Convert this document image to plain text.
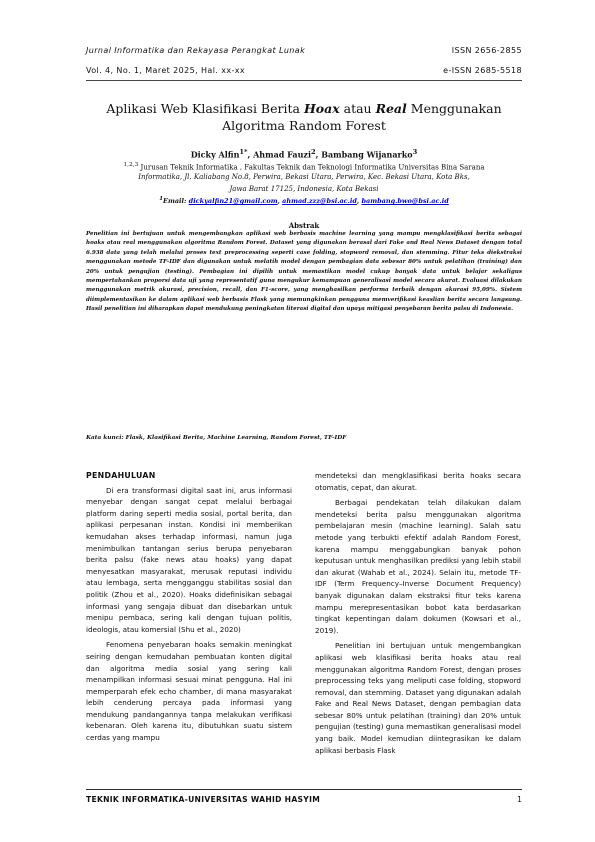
Jurnal Informatika dan Rekayasa Perangkat Lunak	ISSN 2656-2855
Vol. 4, No. 1, Maret 2025, Hal. xx-xx	e-ISSN 2685-5518
Aplikasi Web Klasifikasi Berita Hoax atau Real Menggunakan
Algoritma Random Forest
Dicky Alfin$^{1*}$, Ahmad Fauzi$^2$, Bambang Wijanarko$^3$
$^{1,2,3}$ Jurusan Teknik Informatika , Fakultas Teknik dan Teknologi Informatika Universitas Bina Sarana
Informatika, Jl. Kaliabang No.8, Perwira, Bekasi Utara, Perwira, Kec. Bekasi Utara, Kota Bks,
Jawa Barat 17125, Indonesia, Kota Bekasi
$^1$Email: dickyalfin21@gmail.com, ahmad.zzz@bsi.ac.id, bambang.bwo@bsi.ac.id
Abstrak
Penelitian ini bertujuan untuk mengembangkan aplikasi web berbasis machine learning yang mampu mengklasifikasi berita sebagai hoaks atau real menggunakan algoritma Random Forest. Dataset yang digunakan berasal dari Fake and Real News Dataset dengan total 6.938 data yang telah melalui proses text preprocessing seperti case folding, stopword removal, dan stemming. Fitur teks diekstraksi menggunakan metode TF-IDF dan digunakan untuk melatih model dengan pembagian data sebesar 80% untuk pelatihan (training) dan 20% untuk pengujian (testing). Pembagian ini dipilih untuk memastikan model cukup banyak data untuk belajar sekaligus mempertahankan proporsi data uji yang representatif guna mengukur kemampuan generalisasi model secara akurat. Evaluasi dilakukan menggunakan metrik akurasi, precision, recall, dan F1-score, yang menghasilkan performa terbaik dengan akurasi 95,09%. Sistem diimplementasikan ke dalam aplikasi web berbasis Flask yang memungkinkan pengguna memverifikasi keaslian berita secara langsung. Hasil penelitian ini diharapkan dapat mendukung peningkatan literasi digital dan upaya mitigasi penyebaran berita palsu di Indonesia.
Kata kunci: Flask, Klasifikasi Berita, Machine Learning, Random Forest, TF-IDF
PENDAHULUAN

Di era transformasi digital saat ini, arus informasi menyebar dengan sangat cepat melalui berbagai platform daring seperti media sosial, portal berita, dan aplikasi perpesanan instan. Kondisi ini memberikan kemudahan akses terhadap informasi, namun juga menimbulkan tantangan serius berupa penyebaran berita palsu (fake news atau hoaks) yang dapat menyesatkan masyarakat, merusak reputasi individu atau lembaga, serta mengganggu stabilitas sosial dan politik (Zhou et al., 2020). Hoaks didefinisikan sebagai informasi yang sengaja dibuat dan disebarkan untuk menipu pembaca, sering kali dengan tujuan politis, ideologis, atau komersial (Shu et al., 2020)

Fenomena penyebaran hoaks semakin meningkat seiring dengan kemudahan pembuatan konten digital dan algoritma media sosial yang sering kali menampilkan informasi sesuai minat pengguna. Hal ini memperparah efek echo chamber, di mana masyarakat lebih cenderung percaya pada informasi yang mendukung pandangannya tanpa melakukan verifikasi kebenaran. Oleh karena itu, dibutuhkan suatu sistem cerdas yang mampu

mendeteksi dan mengklasifikasi berita hoaks secara otomatis, cepat, dan akurat.

Berbagai pendekatan telah dilakukan dalam mendeteksi berita palsu menggunakan algoritma pembelajaran mesin (machine learning). Salah satu metode yang terbukti efektif adalah Random Forest, karena mampu menggabungkan banyak pohon keputusan untuk menghasilkan prediksi yang lebih stabil dan akurat (Wahab et al., 2024). Selain itu, metode TF-IDF (Term Frequency–Inverse Document Frequency) banyak digunakan dalam ekstraksi fitur teks karena mampu merepresentasikan bobot kata berdasarkan tingkat kepentingan dalam dokumen (Kowsari et al., 2019).

Penelitian ini bertujuan untuk mengembangkan aplikasi web klasifikasi berita hoaks atau real menggunakan algoritma Random Forest, dengan proses preprocessing teks yang meliputi case folding, stopword removal, dan stemming. Dataset yang digunakan adalah Fake and Real News Dataset, dengan pembagian data sebesar 80% untuk pelatihan (training) dan 20% untuk pengujian (testing) guna memastikan generalisasi model yang baik. Model kemudian diintegrasikan ke dalam aplikasi berbasis Flask

TEKNIK INFORMATIKA-UNIVERSITAS WAHID HASYIM	1
